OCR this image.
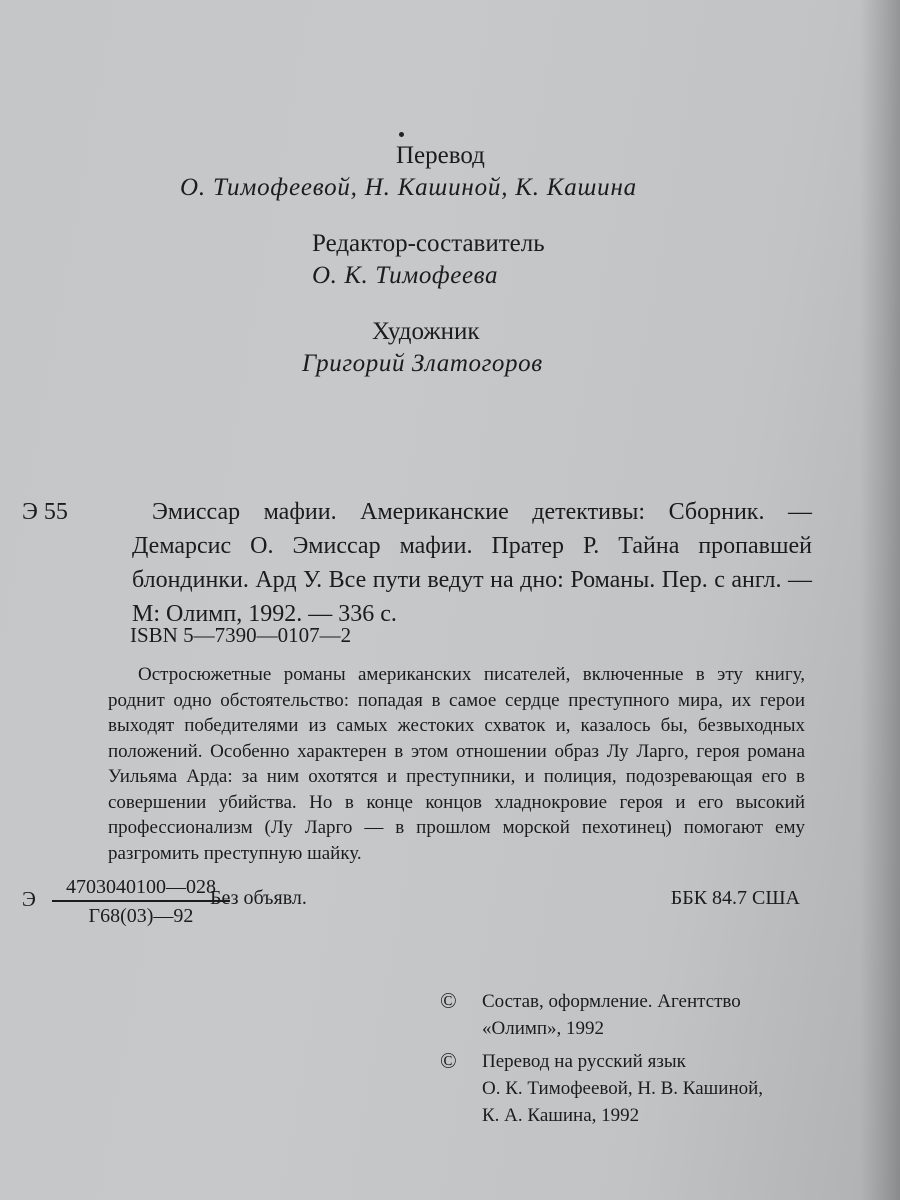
Перевод
О. Тимофеевой, Н. Кашиной, К. Кашина
Редактор-составитель
О. К. Тимофеева
Художник
Григорий Златогоров
Э 55	Эмиссар мафии. Американские детективы: Сборник. — Демарсис О. Эмиссар мафии. Пратер Р. Тайна пропавшей блондинки. Ард У. Все пути ведут на дно: Романы. Пер. с англ. — М: Олимп, 1992. — 336 с.
ISBN 5—7390—0107—2
Остросюжетные романы американских писателей, включенные в эту книгу, роднит одно обстоятельство: попадая в самое сердце преступного мира, их герои выходят победителями из самых жестоких схваток и, казалось бы, безвыходных положений. Особенно характерен в этом отношении образ Лу Ларго, героя романа Уильяма Арда: за ним охотятся и преступники, и полиция, подозревающая его в совершении убийства. Но в конце концов хладнокровие героя и его высокий профессионализм (Лу Ларго — в прошлом морской пехотинец) помогают ему разгромить преступную шайку.
Э	4703040100—028
Г68(03)—92
Без объявл.	ББК 84.7 США
© Состав, оформление. Агентство
«Олимп», 1992
© Перевод на русский язык
О. К. Тимофеевой, Н. В. Кашиной,
К. А. Кашина, 1992
